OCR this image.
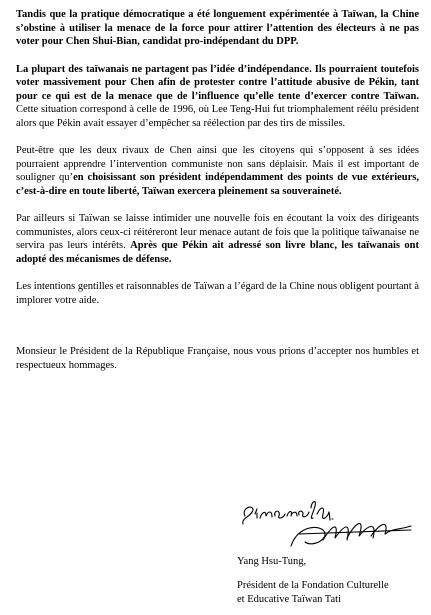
Tandis que la pratique démocratique a été longuement expérimentée à Taïwan, la Chine s’obstine à utiliser la menace de la force pour attirer l’attention des électeurs à ne pas voter pour Chen Shui-Bian, candidat pro-indépendant du DPP.

La plupart des taïwanais ne partagent pas l’idée d’indépendance. Ils pourraient toutefois voter massivement pour Chen afin de protester contre l’attitude abusive de Pékin, tant pour ce qui est de la menace que de l’influence qu’elle tente d’exercer contre Taïwan. Cette situation correspond à celle de 1996, où Lee Teng-Hui fut triomphalement réélu président alors que Pékin avait essayer d’empêcher sa réélection par des tirs de missiles.

Peut-être que les deux rivaux de Chen ainsi que les citoyens qui s’opposent à ses idées pourraient apprendre l’intervention communiste non sans déplaisir. Mais il est important de souligner qu’en choisissant son président indépendamment des points de vue extérieurs, c’est-à-dire en toute liberté, Taïwan exercera pleinement sa souveraineté.

Par ailleurs si Taïwan se laisse intimider une nouvelle fois en écoutant la voix des dirigeants communistes, alors ceux-ci réitéreront leur menace autant de fois que la politique taïwanaise ne servira pas leurs intérêts. Après que Pékin ait adressé son livre blanc, les taïwanais ont adopté des mécanismes de défense.

Les intentions gentilles et raisonnables de Taïwan a l’égard de la Chine nous obligent pourtant à implorer votre aide.

Monsieur le Président de la République Française, nous vous prions d’accepter nos humbles et respectueux hommages.

Yang Hsu-Tung,
Président de la Fondation Culturelle
et Educative Taïwan Tati
